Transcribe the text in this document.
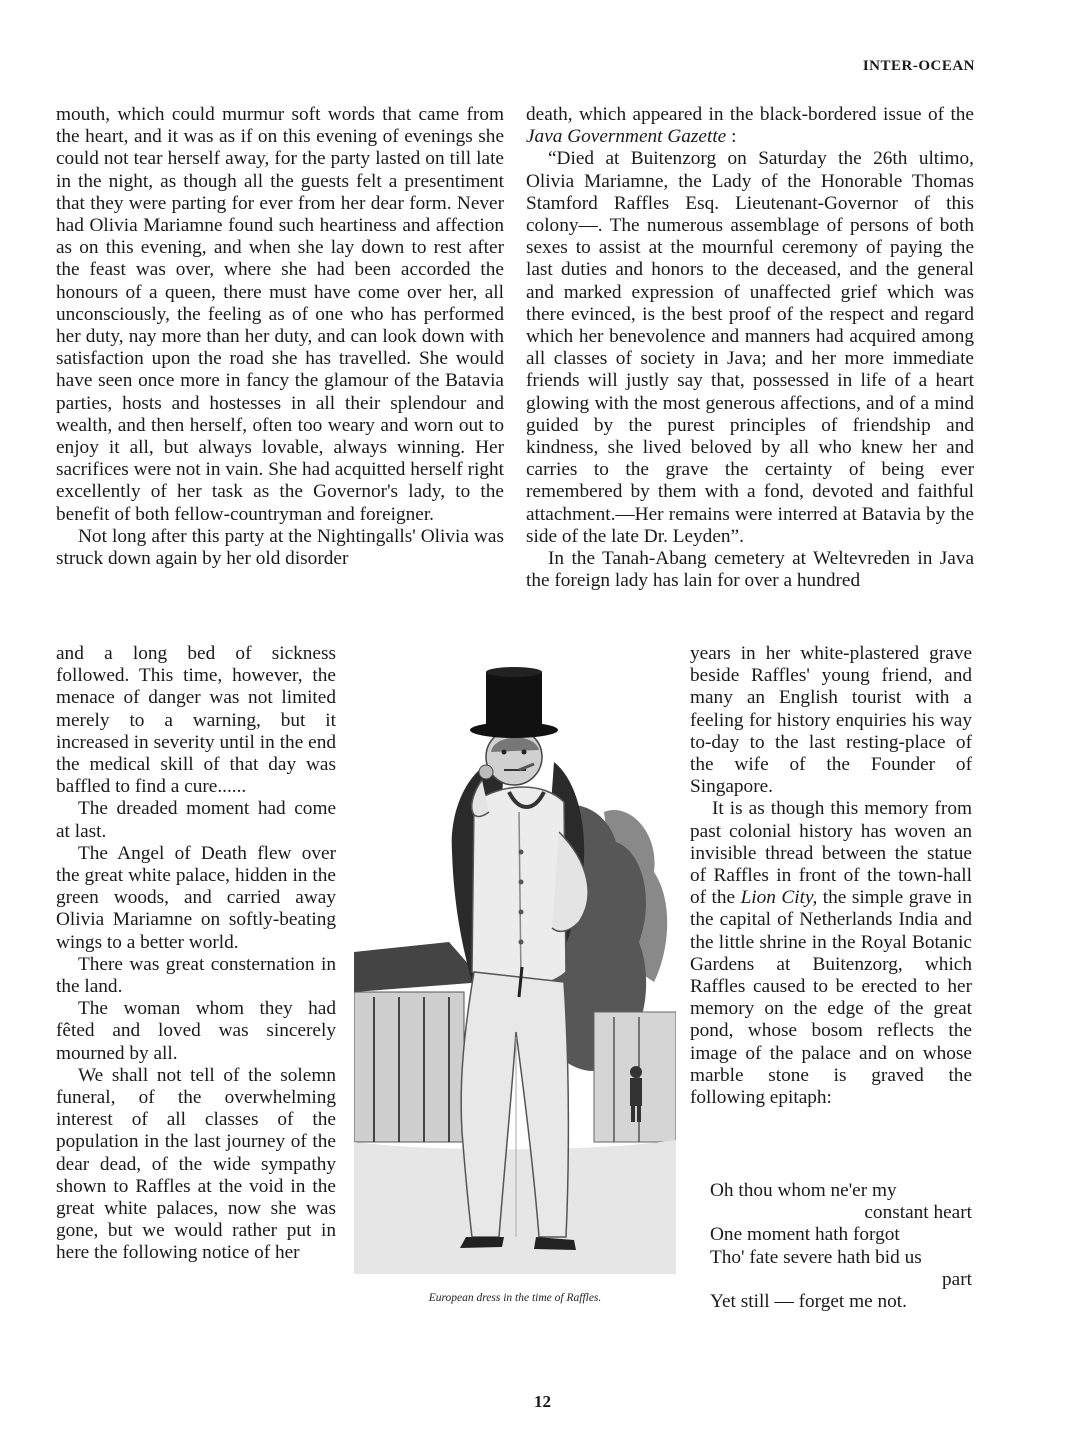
INTER-OCEAN

mouth, which could murmur soft words that came from the heart, and it was as if on this evening of evenings she could not tear herself away, for the party lasted on till late in the night, as though all the guests felt a presentiment that they were parting for ever from her dear form. Never had Olivia Mariamne found such heartiness and affection as on this evening, and when she lay down to rest after the feast was over, where she had been accorded the honours of a queen, there must have come over her, all unconsciously, the feeling as of one who has performed her duty, nay more than her duty, and can look down with satisfaction upon the road she has travelled. She would have seen once more in fancy the glamour of the Batavia parties, hosts and hostesses in all their splendour and wealth, and then herself, often too weary and worn out to enjoy it all, but always lovable, always winning. Her sacrifices were not in vain. She had acquitted herself right excellently of her task as the Governor's lady, to the benefit of both fellow-countryman and foreigner.

Not long after this party at the Nightingalls' Olivia was struck down again by her old disorder

and a long bed of sickness followed. This time, however, the menace of danger was not limited merely to a warning, but it increased in severity until in the end the medical skill of that day was baffled to find a cure......

The dreaded moment had come at last.

The Angel of Death flew over the great white palace, hidden in the green woods, and carried away Olivia Mariamne on softly-beating wings to a better world.

There was great consternation in the land.

The woman whom they had fêted and loved was sincerely mourned by all.

We shall not tell of the solemn funeral, of the overwhelming interest of all classes of the population in the last journey of the dear dead, of the wide sympathy shown to Raffles at the void in the great white palaces, now she was gone, but we would rather put in here the following notice of her

death, which appeared in the black-bordered issue of the Java Government Gazette :

“Died at Buitenzorg on Saturday the 26th ultimo, Olivia Mariamne, the Lady of the Honorable Thomas Stamford Raffles Esq. Lieutenant-Governor of this colony—. The numerous assemblage of persons of both sexes to assist at the mournful ceremony of paying the last duties and honors to the deceased, and the general and marked expression of unaffected grief which was there evinced, is the best proof of the respect and regard which her benevolence and manners had acquired among all classes of society in Java; and her more immediate friends will justly say that, possessed in life of a heart glowing with the most generous affections, and of a mind guided by the purest principles of friendship and kindness, she lived beloved by all who knew her and carries to the grave the certainty of being ever remembered by them with a fond, devoted and faithful attachment.—Her remains were interred at Batavia by the side of the late Dr. Leyden”.

In the Tanah-Abang cemetery at Weltevreden in Java the foreign lady has lain for over a hundred

years in her white-plastered grave beside Raffles' young friend, and many an English tourist with a feeling for history enquiries his way to-day to the last resting-place of the wife of the Founder of Singapore.

It is as though this memory from past colonial history has woven an invisible thread between the statue of Raffles in front of the town-hall of the Lion City, the simple grave in the capital of Netherlands India and the little shrine in the Royal Botanic Gardens at Buitenzorg, which Raffles caused to be erected to her memory on the edge of the great pond, whose bosom reflects the image of the palace and on whose marble stone is graved the following epitaph:

Oh thou whom ne'er my

constant heart

One moment hath forgot

Tho' fate severe hath bid us

part

Yet still — forget me not.

European dress in the time of Raffles.
12
